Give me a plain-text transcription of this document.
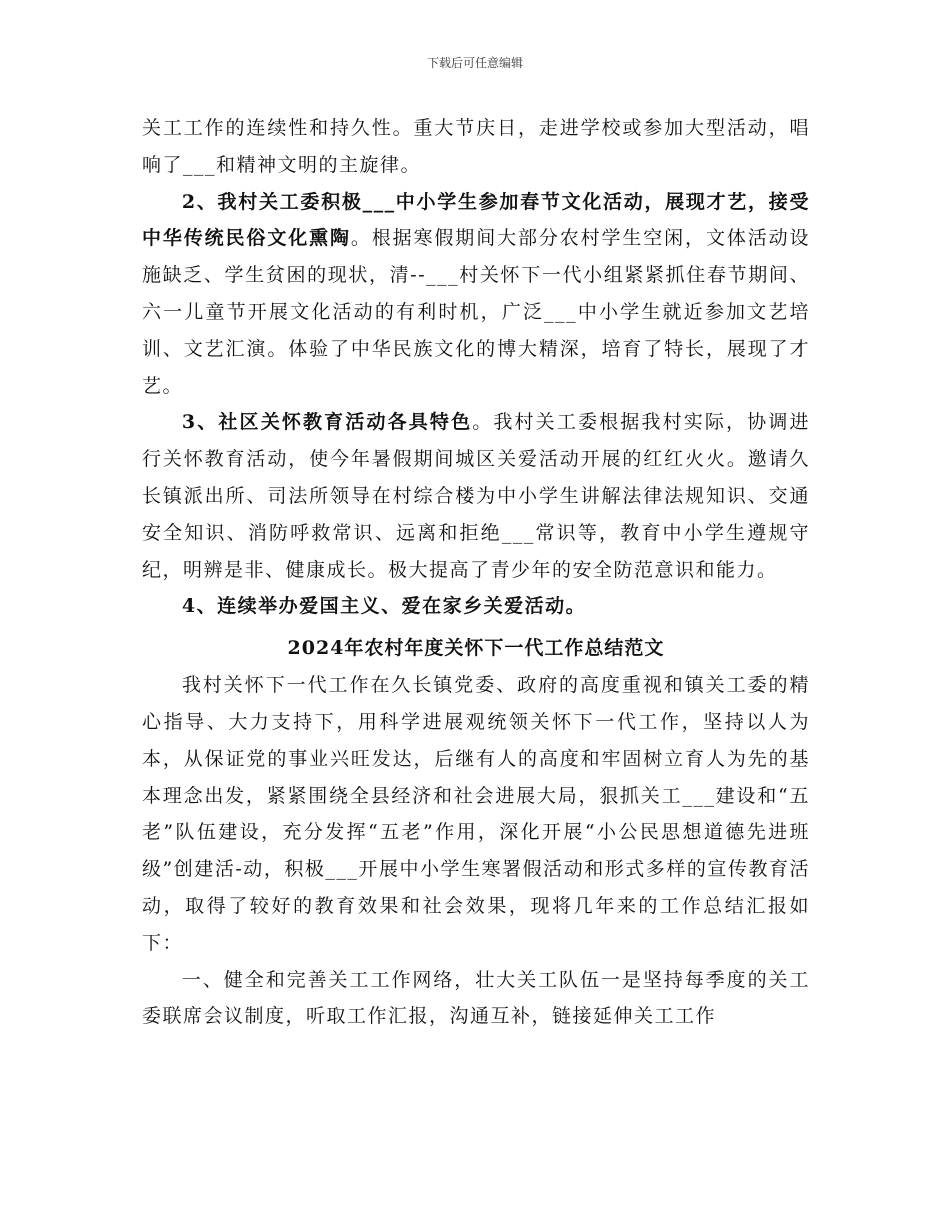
下载后可任意编辑

关工工作的连续性和持久性。重大节庆日，走进学校或参加大型活动，唱响了___和精神文明的主旋律。

2、我村关工委积极___中小学生参加春节文化活动，展现才艺，接受中华传统民俗文化熏陶。根据寒假期间大部分农村学生空闲，文体活动设施缺乏、学生贫困的现状，清--___村关怀下一代小组紧紧抓住春节期间、六一儿童节开展文化活动的有利时机，广泛___中小学生就近参加文艺培训、文艺汇演。体验了中华民族文化的博大精深，培育了特长，展现了才艺。

3、社区关怀教育活动各具特色。我村关工委根据我村实际，协调进行关怀教育活动，使今年暑假期间城区关爱活动开展的红红火火。邀请久长镇派出所、司法所领导在村综合楼为中小学生讲解法律法规知识、交通安全知识、消防呼救常识、远离和拒绝___常识等，教育中小学生遵规守纪，明辨是非、健康成长。极大提高了青少年的安全防范意识和能力。

4、连续举办爱国主义、爱在家乡关爱活动。

2024年农村年度关怀下一代工作总结范文

我村关怀下一代工作在久长镇党委、政府的高度重视和镇关工委的精心指导、大力支持下，用科学进展观统领关怀下一代工作，坚持以人为本，从保证党的事业兴旺发达，后继有人的高度和牢固树立育人为先的基本理念出发，紧紧围绕全县经济和社会进展大局，狠抓关工___建设和“五老”队伍建设，充分发挥“五老”作用，深化开展“小公民思想道德先进班级”创建活-动，积极___开展中小学生寒署假活动和形式多样的宣传教育活动，取得了较好的教育效果和社会效果，现将几年来的工作总结汇报如下：

一、健全和完善关工工作网络，壮大关工队伍一是坚持每季度的关工委联席会议制度，听取工作汇报，沟通互补，链接延伸关工工作
